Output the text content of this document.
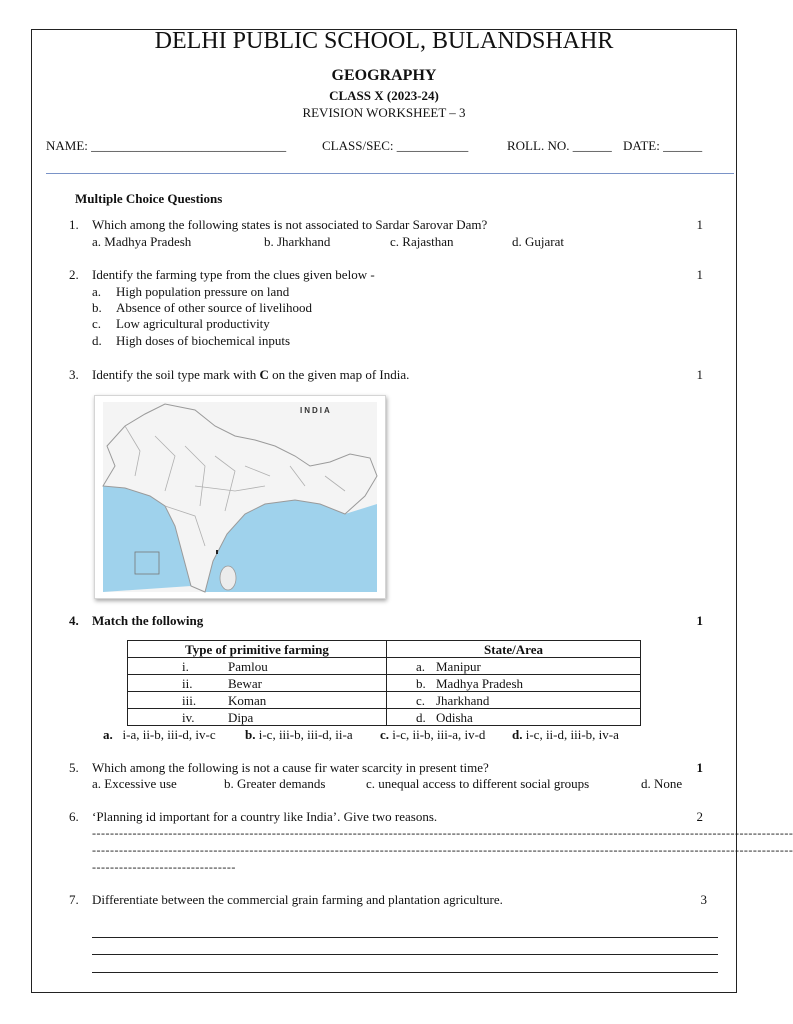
DELHI PUBLIC SCHOOL, BULANDSHAHR
GEOGRAPHY
CLASS X (2023-24)
REVISION WORKSHEET – 3
NAME: ______________________________	CLASS/SEC: ___________	ROLL. NO. ______ DATE: ______
Multiple Choice Questions
1. Which among the following states is not associated to Sardar Sarovar Dam?	1
a. Madhya Pradesh	b. Jharkhand	c. Rajasthan	d. Gujarat
2. Identify the farming type from the clues given below -	1
a. High population pressure on land
b. Absence of other source of livelihood
c. Low agricultural productivity
d. High doses of biochemical inputs
3. Identify the soil type mark with C on the given map of India.	1
INDIA
4. Match the following	1
Type of primitive farming	State/Area
i. Pamlou	a. Manipur
ii. Bewar	b. Madhya Pradesh
iii. Koman	c. Jharkhand
iv. Dipa	d. Odisha
a. i-a, ii-b, iii-d, iv-c b. i-c, iii-b, iii-d, ii-a c. i-c, ii-b, iii-a, iv-d d. i-c, ii-d, iii-b, iv-a
5. Which among the following is not a cause fir water scarcity in present time?	1
a. Excessive use	b. Greater demands	c. unequal access to different social groups	d. None
6. ‘Planning id important for a country like India’. Give two reasons.	2
------------------------------------------------------------------------------------------------------------------------------------------------------------
------------------------------------------------------------------------------------------------------------------------------------------------------------
--------------------------------
7. Differentiate between the commercial grain farming and plantation agriculture.	3
